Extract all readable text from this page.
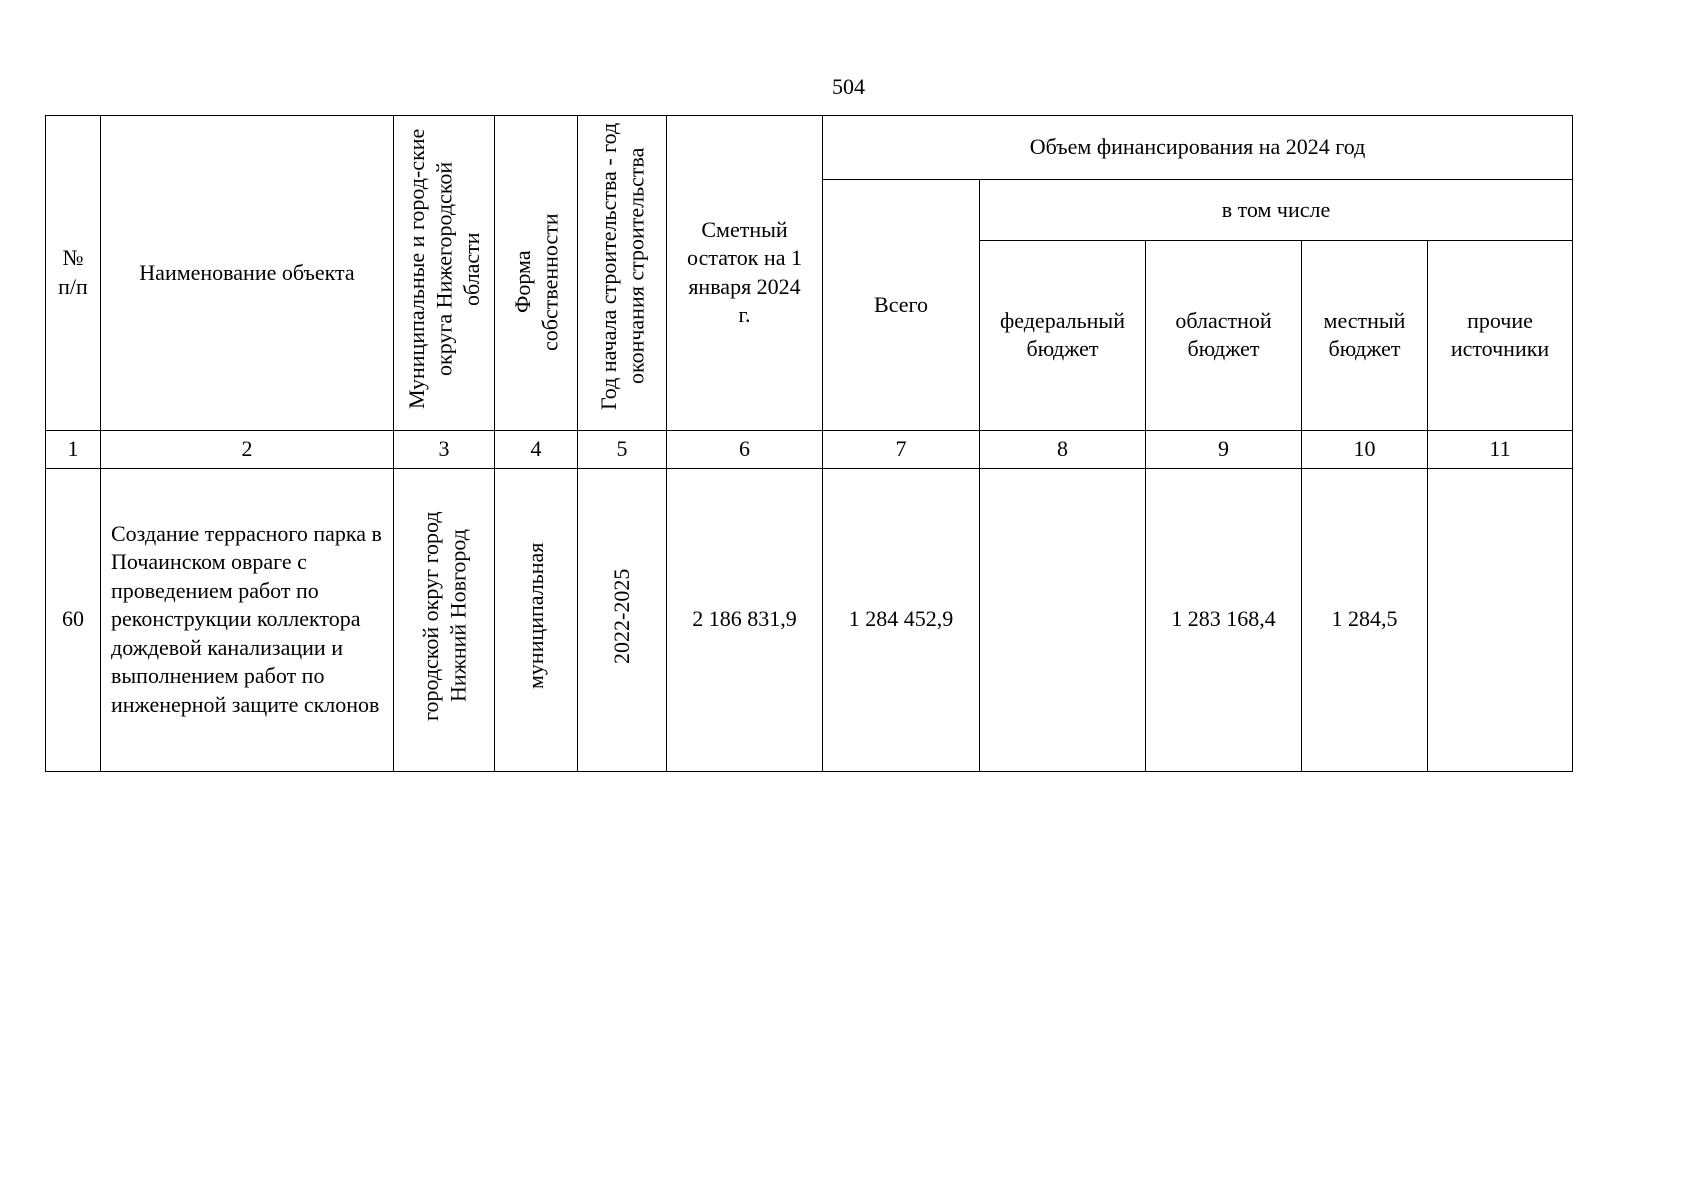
504
№ п/п	Наименование объекта	Муниципальные и город-ские округа Нижегородской области	Форма собственности	Год начала строительства - год окончания строительства	Сметный остаток на 1 января 2024 г.	Объем финансирования на 2024 год				
						Всего	в том числе			
							федеральный бюджет	областной бюджет	местный бюджет	прочие источники
1	2	3	4	5	6	7	8	9	10	11
60	Создание террасного парка в Почаинском овраге с проведением работ по реконструкции коллектора дождевой канализации и выполнением работ по инженерной защите склонов	городской округ город Нижний Новгород	муниципальная	2022-2025	2 186 831,9	1 284 452,9		1 283 168,4	1 284,5	
